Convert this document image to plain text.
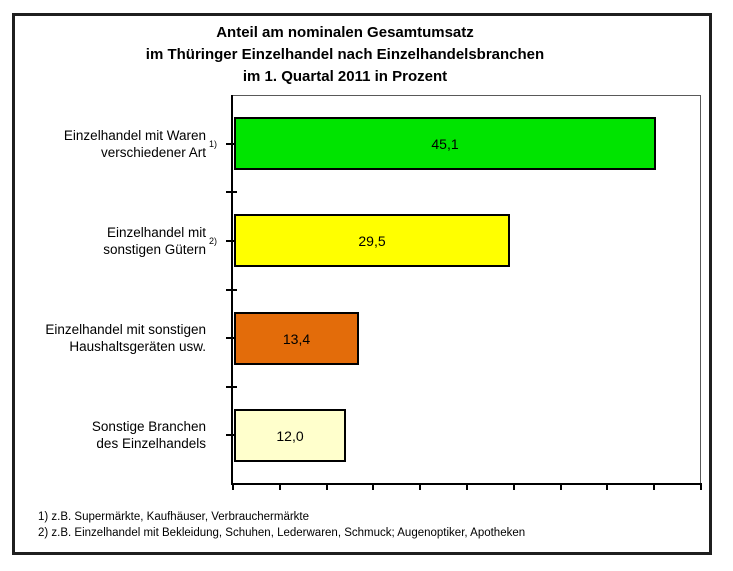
Anteil am nominalen Gesamtumsatz
im Thüringer Einzelhandel nach Einzelhandelsbranchen
im 1. Quartal 2011 in Prozent
45,1
29,5
13,4
12,0
Einzelhandel mit Waren
verschiedener Art
1)
Einzelhandel mit
sonstigen Gütern
2)
Einzelhandel mit sonstigen
Haushaltsgeräten usw.
Sonstige Branchen
des Einzelhandels
1) z.B. Supermärkte, Kaufhäuser, Verbrauchermärkte
2) z.B. Einzelhandel mit Bekleidung, Schuhen, Lederwaren, Schmuck; Augenoptiker, Apotheken
